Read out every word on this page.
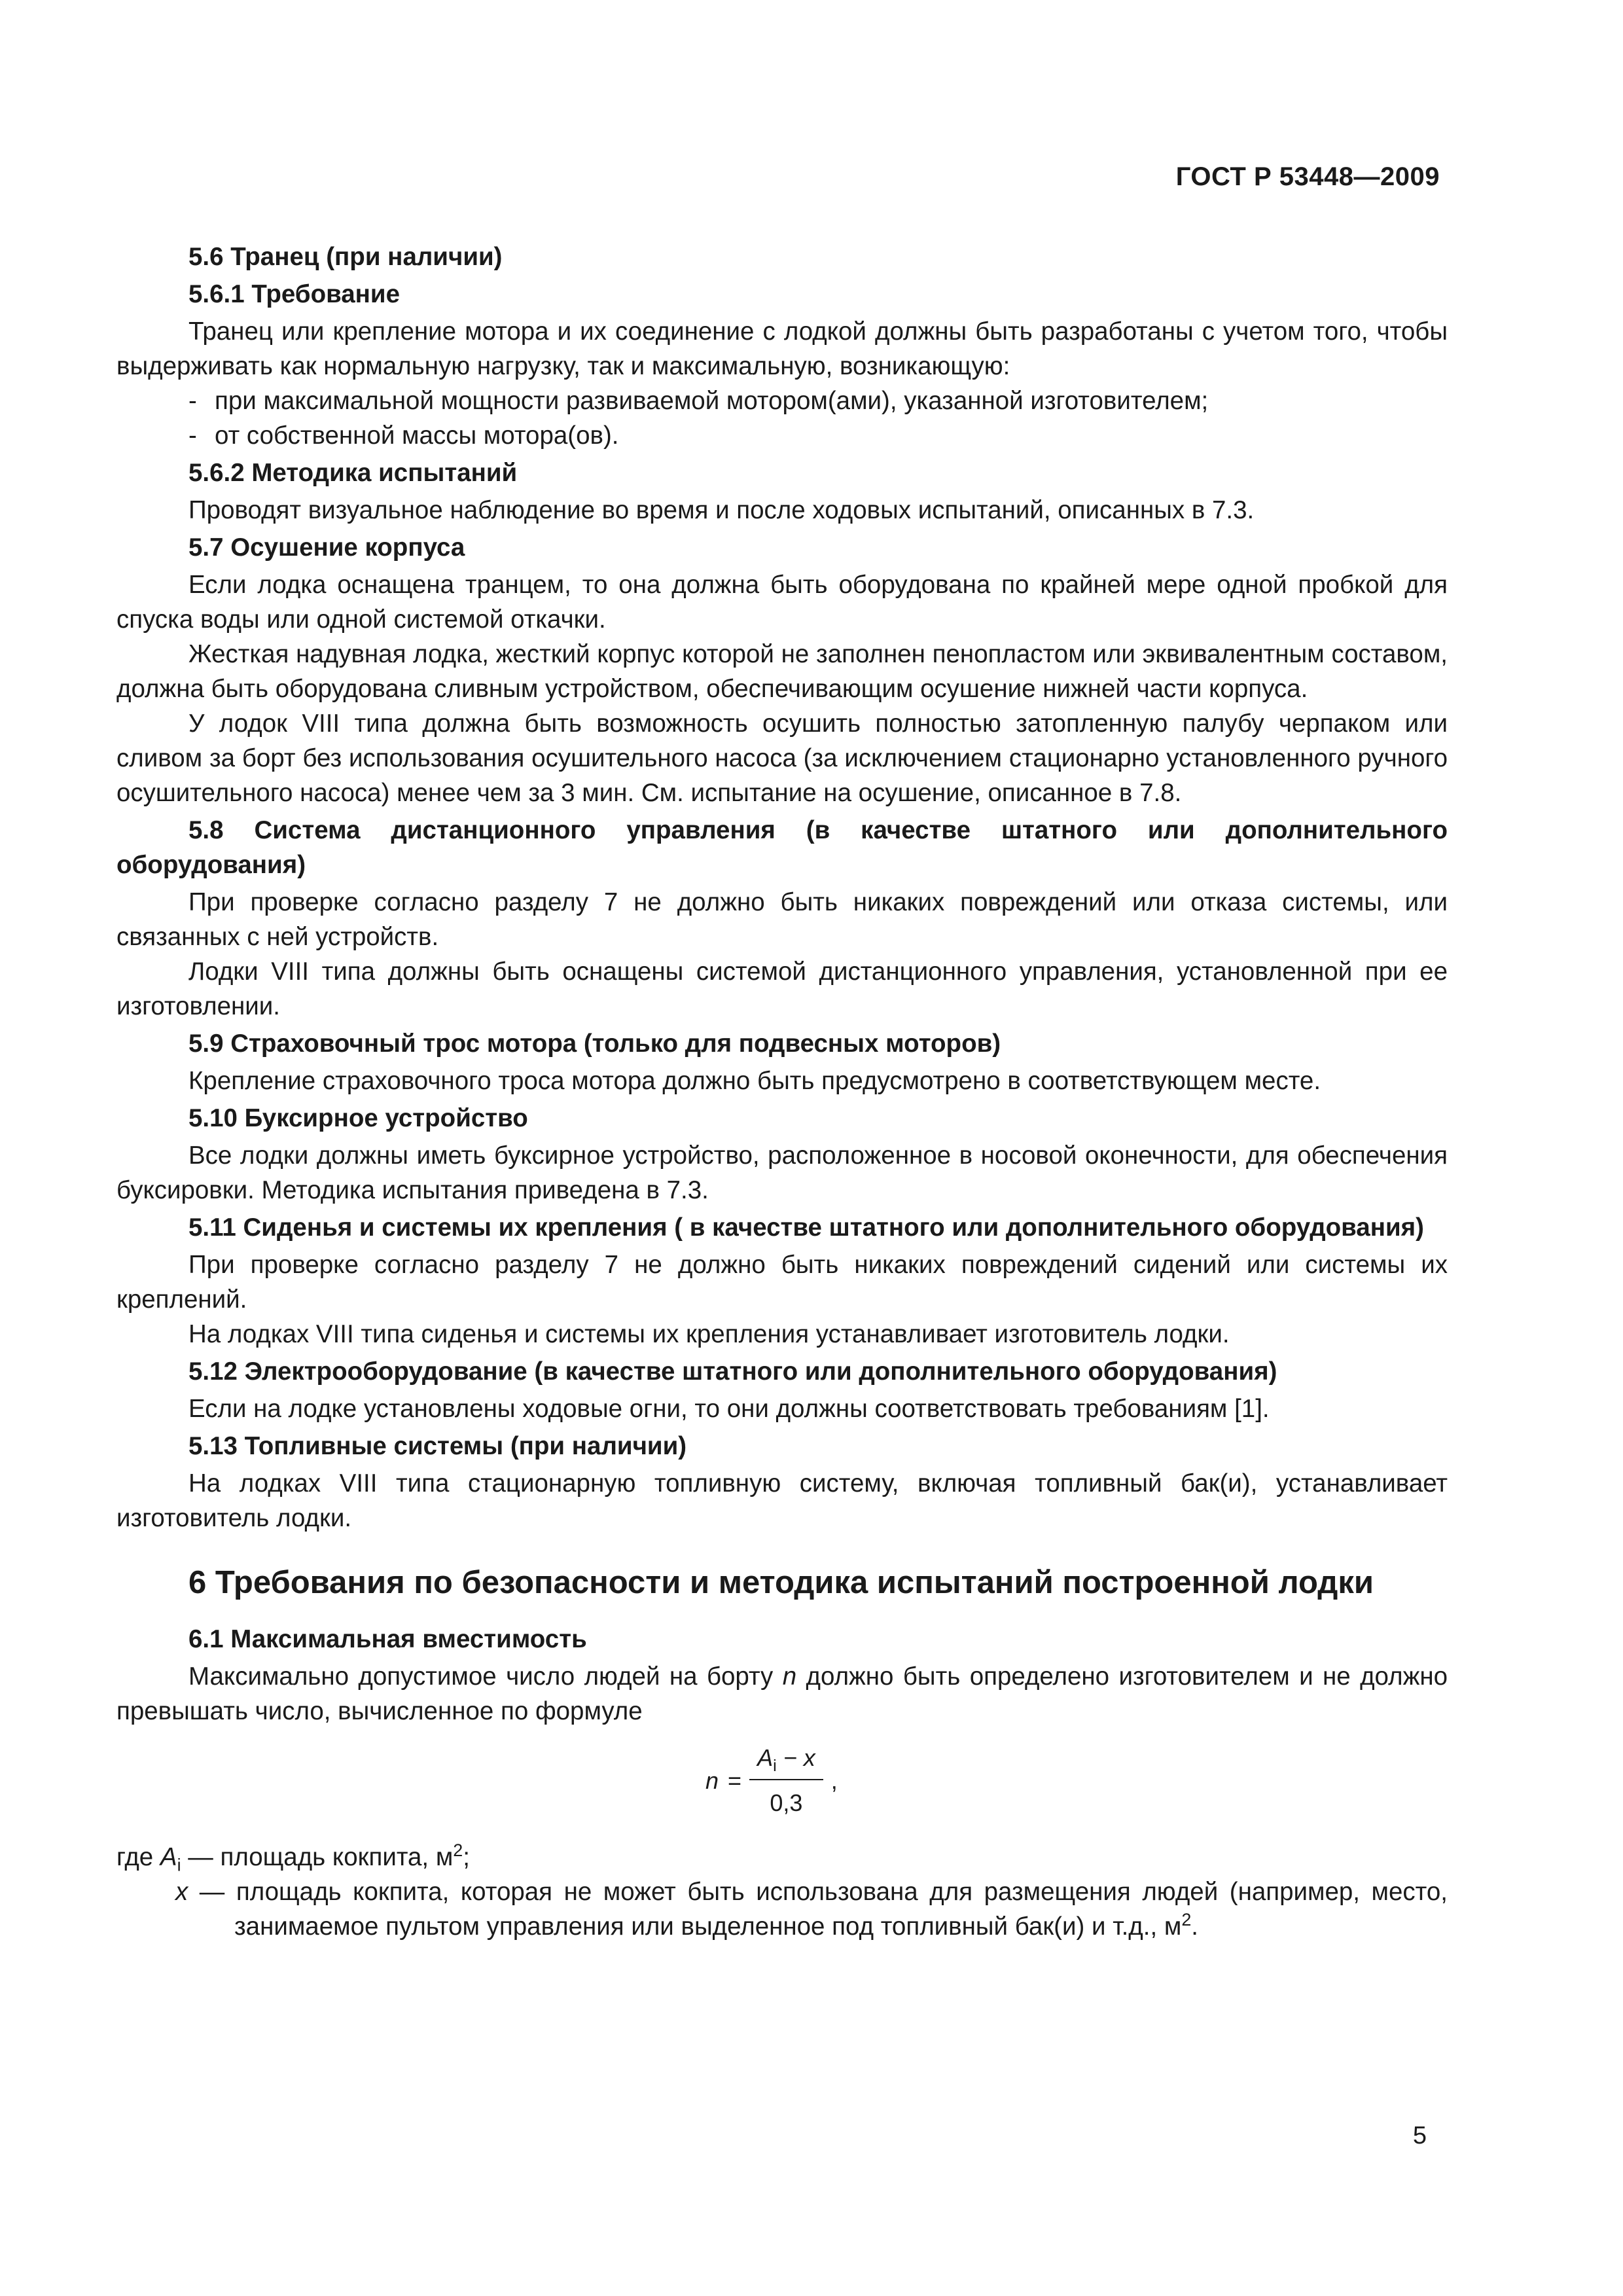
ГОСТ Р 53448—2009

5.6 Транец (при наличии)

5.6.1 Требование

Транец или крепление мотора и их соединение с лодкой должны быть разработаны с учетом того, чтобы выдерживать как нормальную нагрузку, так и максимальную, возникающую:

- при максимальной мощности развиваемой мотором(ами), указанной изготовителем;

- от собственной массы мотора(ов).

5.6.2 Методика испытаний

Проводят визуальное наблюдение во время и после ходовых испытаний, описанных в 7.3.

5.7 Осушение корпуса

Если лодка оснащена транцем, то она должна быть оборудована по крайней мере одной пробкой для спуска воды или одной системой откачки.

Жесткая надувная лодка, жесткий корпус которой не заполнен пенопластом или эквивалентным составом, должна быть оборудована сливным устройством, обеспечивающим осушение нижней части корпуса.

У лодок VIII типа должна быть возможность осушить полностью затопленную палубу черпаком или сливом за борт без использования осушительного насоса (за исключением стационарно установленного ручного осушительного насоса) менее чем за 3 мин. См. испытание на осушение, описанное в 7.8.

5.8 Система дистанционного управления (в качестве штатного или дополнительного оборудования)

При проверке согласно разделу 7 не должно быть никаких повреждений или отказа системы, или связанных с ней устройств.

Лодки VIII типа должны быть оснащены системой дистанционного управления, установленной при ее изготовлении.

5.9 Страховочный трос мотора (только для подвесных моторов)

Крепление страховочного троса мотора должно быть предусмотрено в соответствующем месте.

5.10 Буксирное устройство

Все лодки должны иметь буксирное устройство, расположенное в носовой оконечности, для обеспечения буксировки. Методика испытания приведена в 7.3.

5.11 Сиденья и системы их крепления ( в качестве штатного или дополнительного оборудования)

При проверке согласно разделу 7 не должно быть никаких повреждений сидений или системы их креплений.

На лодках VIII типа сиденья и системы их крепления устанавливает изготовитель лодки.

5.12 Электрооборудование (в качестве штатного или дополнительного оборудования)

Если на лодке установлены ходовые огни, то они должны соответствовать требованиям [1].

5.13 Топливные системы (при наличии)

На лодках VIII типа стационарную топливную систему, включая топливный бак(и), устанавливает изготовитель лодки.

6 Требования по безопасности и методика испытаний построенной лодки

6.1 Максимальная вместимость

Максимально допустимое число людей на борту n должно быть определено изготовителем и не должно превышать число, вычисленное по формуле

$n = \frac{A_i - x}{0,3}$ ,

где $A_i$ — площадь кокпита, $м^2$;

x — площадь кокпита, которая не может быть использована для размещения людей (например, место, занимаемое пультом управления или выделенное под топливный бак(и) и т.д., $м^2$.

5
